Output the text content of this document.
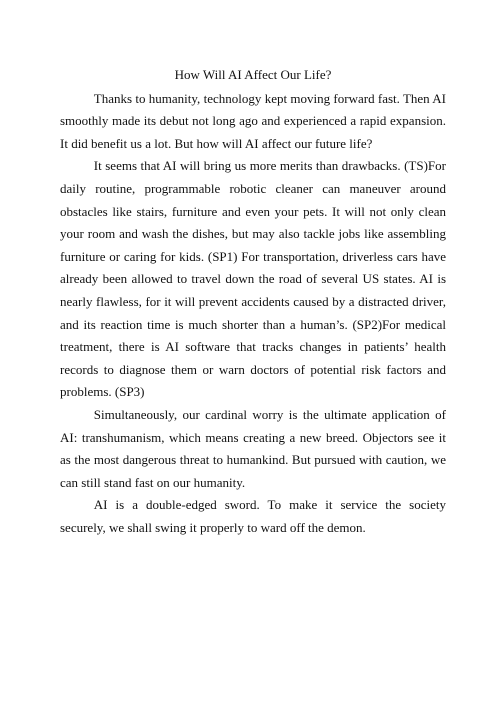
How Will AI Affect Our Life?

Thanks to humanity, technology kept moving forward fast. Then AI smoothly made its debut not long ago and experienced a rapid expansion. It did benefit us a lot. But how will AI affect our future life?

It seems that AI will bring us more merits than drawbacks. (TS)For daily routine, programmable robotic cleaner can maneuver around obstacles like stairs, furniture and even your pets. It will not only clean your room and wash the dishes, but may also tackle jobs like assembling furniture or caring for kids. (SP1) For transportation, driverless cars have already been allowed to travel down the road of several US states. AI is nearly flawless, for it will prevent accidents caused by a distracted driver, and its reaction time is much shorter than a human’s. (SP2)For medical treatment, there is AI software that tracks changes in patients’ health records to diagnose them or warn doctors of potential risk factors and problems. (SP3)

Simultaneously, our cardinal worry is the ultimate application of AI: transhumanism, which means creating a new breed. Objectors see it as the most dangerous threat to humankind. But pursued with caution, we can still stand fast on our humanity.

AI is a double-edged sword. To make it service the society securely, we shall swing it properly to ward off the demon.
